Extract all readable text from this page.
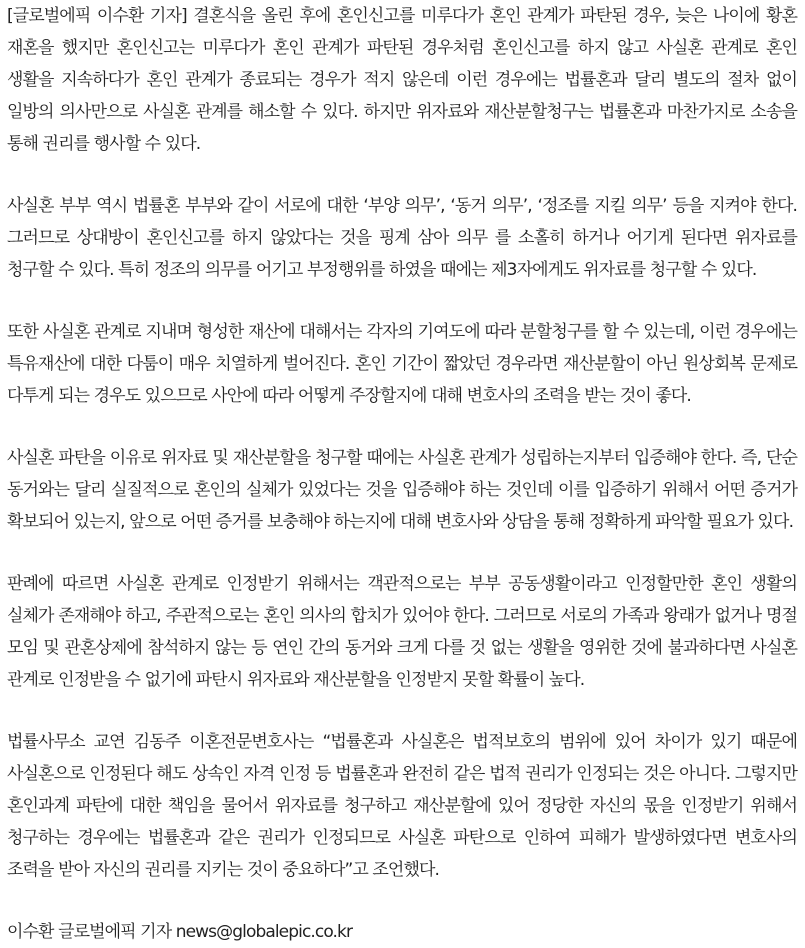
[글로벌에픽 이수환 기자] 결혼식을 올린 후에 혼인신고를 미루다가 혼인 관계가 파탄된 경우, 늦은 나이에 황혼 재혼을 했지만 혼인신고는 미루다가 혼인 관계가 파탄된 경우처럼 혼인신고를 하지 않고 사실혼 관계로 혼인 생활을 지속하다가 혼인 관계가 종료되는 경우가 적지 않은데 이런 경우에는 법률혼과 달리 별도의 절차 없이 일방의 의사만으로 사실혼 관계를 해소할 수 있다. 하지만 위자료와 재산분할청구는 법률혼과 마찬가지로 소송을 통해 권리를 행사할 수 있다.

사실혼 부부 역시 법률혼 부부와 같이 서로에 대한 ‘부양 의무’, ‘동거 의무’, ‘정조를 지킬 의무’ 등을 지켜야 한다. 그러므로 상대방이 혼인신고를 하지 않았다는 것을 핑계 삼아 의무 를 소홀히 하거나 어기게 된다면 위자료를 청구할 수 있다. 특히 정조의 의무를 어기고 부정행위를 하였을 때에는 제3자에게도 위자료를 청구할 수 있다.

또한 사실혼 관계로 지내며 형성한 재산에 대해서는 각자의 기여도에 따라 분할청구를 할 수 있는데, 이런 경우에는 특유재산에 대한 다툼이 매우 치열하게 벌어진다. 혼인 기간이 짧았던 경우라면 재산분할이 아닌 원상회복 문제로 다투게 되는 경우도 있으므로 사안에 따라 어떻게 주장할지에 대해 변호사의 조력을 받는 것이 좋다.

사실혼 파탄을 이유로 위자료 및 재산분할을 청구할 때에는 사실혼 관계가 성립하는지부터 입증해야 한다. 즉, 단순 동거와는 달리 실질적으로 혼인의 실체가 있었다는 것을 입증해야 하는 것인데 이를 입증하기 위해서 어떤 증거가 확보되어 있는지, 앞으로 어떤 증거를 보충해야 하는지에 대해 변호사와 상담을 통해 정확하게 파악할 필요가 있다.

판례에 따르면 사실혼 관계로 인정받기 위해서는 객관적으로는 부부 공동생활이라고 인정할만한 혼인 생활의 실체가 존재해야 하고, 주관적으로는 혼인 의사의 합치가 있어야 한다. 그러므로 서로의 가족과 왕래가 없거나 명절 모임 및 관혼상제에 참석하지 않는 등 연인 간의 동거와 크게 다를 것 없는 생활을 영위한 것에 불과하다면 사실혼 관계로 인정받을 수 없기에 파탄시 위자료와 재산분할을 인정받지 못할 확률이 높다.

법률사무소 교연 김동주 이혼전문변호사는 “법률혼과 사실혼은 법적보호의 범위에 있어 차이가 있기 때문에 사실혼으로 인정된다 해도 상속인 자격 인정 등 법률혼과 완전히 같은 법적 권리가 인정되는 것은 아니다. 그렇지만 혼인과계 파탄에 대한 책임을 물어서 위자료를 청구하고 재산분할에 있어 정당한 자신의 몫을 인정받기 위해서 청구하는 경우에는 법률혼과 같은 권리가 인정되므로 사실혼 파탄으로 인하여 피해가 발생하였다면 변호사의 조력을 받아 자신의 권리를 지키는 것이 중요하다”고 조언했다.

이수환 글로벌에픽 기자 news@globalepic.co.kr
